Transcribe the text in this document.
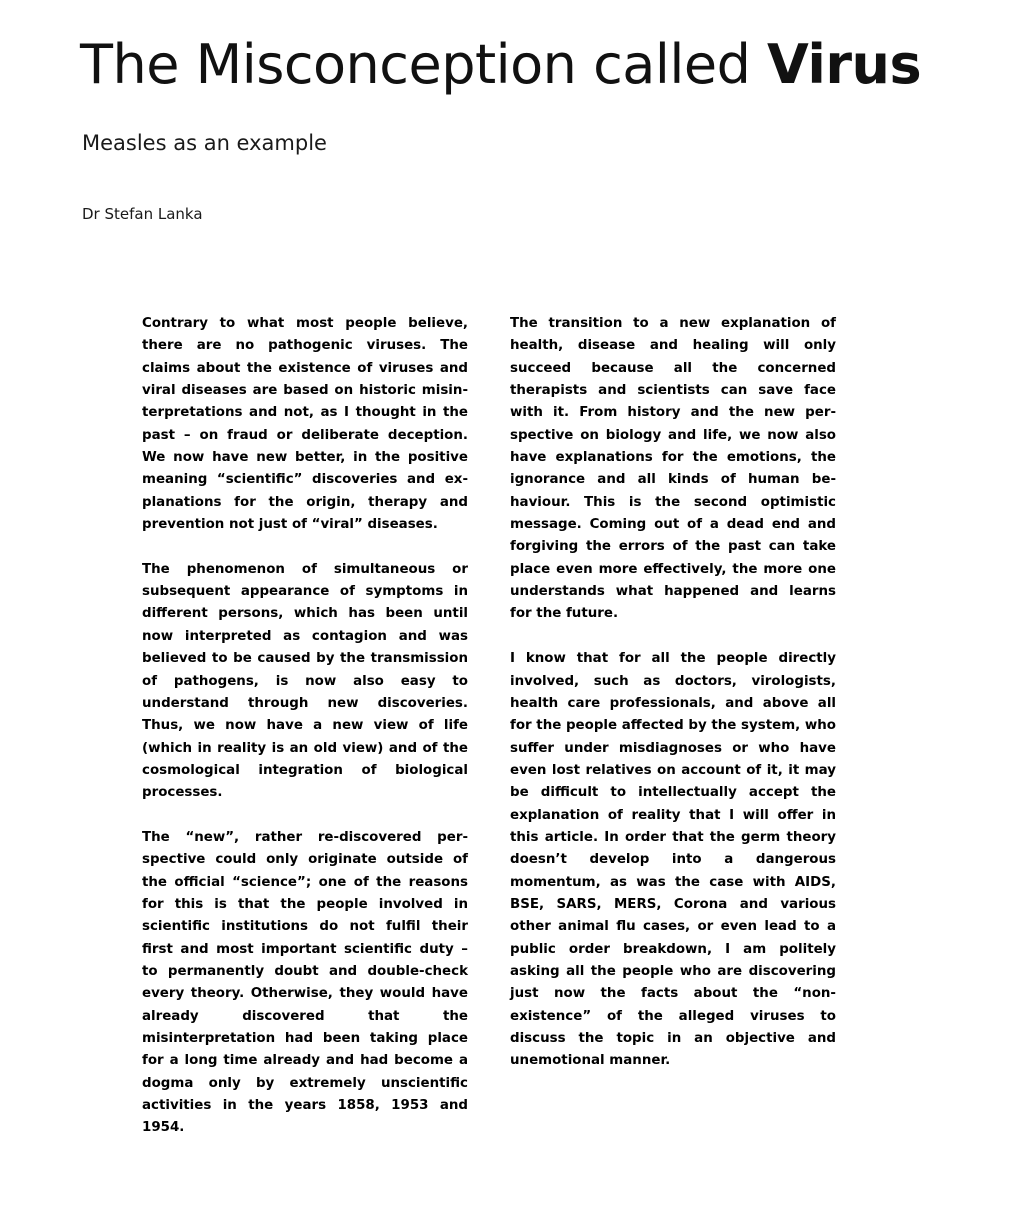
The Misconception called Virus
Measles as an example
Dr Stefan Lanka

Contrary to what most people believe, there are no pathogenic viruses. The claims about the existence of viruses and viral diseases are based on historic misinterpretations and not, as I thought in the past – on fraud or deliberate deception. We now have new better, in the positive meaning “scientific” discoveries and explanations for the origin, therapy and prevention not just of “viral” diseases.

The phenomenon of simultaneous or subsequent appearance of symptoms in different persons, which has been until now interpreted as contagion and was believed to be caused by the transmission of pathogens, is now also easy to understand through new discoveries. Thus, we now have a new view of life (which in reality is an old view) and of the cosmological integration of biological processes.

The “new”, rather re-discovered perspective could only originate outside of the official “science”; one of the reasons for this is that the people involved in scientific institutions do not fulfil their first and most important scientific duty – to permanently doubt and double-check every theory. Otherwise, they would have already discovered that the misinterpretation had been taking place for a long time already and had become a dogma only by extremely unscientific activities in the years 1858, 1953 and 1954.

The transition to a new explanation of health, disease and healing will only succeed because all the concerned therapists and scientists can save face with it. From history and the new perspective on biology and life, we now also have explanations for the emotions, the ignorance and all kinds of human behaviour. This is the second optimistic message. Coming out of a dead end and forgiving the errors of the past can take place even more effectively, the more one understands what happened and learns for the future.

I know that for all the people directly involved, such as doctors, virologists, health care professionals, and above all for the people affected by the system, who suffer under misdiagnoses or who have even lost relatives on account of it, it may be difficult to intellectually accept the explanation of reality that I will offer in this article. In order that the germ theory doesn’t develop into a dangerous momentum, as was the case with AIDS, BSE, SARS, MERS, Corona and various other animal flu cases, or even lead to a public order breakdown, I am politely asking all the people who are discovering just now the facts about the “non-existence” of the alleged viruses to discuss the topic in an objective and unemotional manner.
